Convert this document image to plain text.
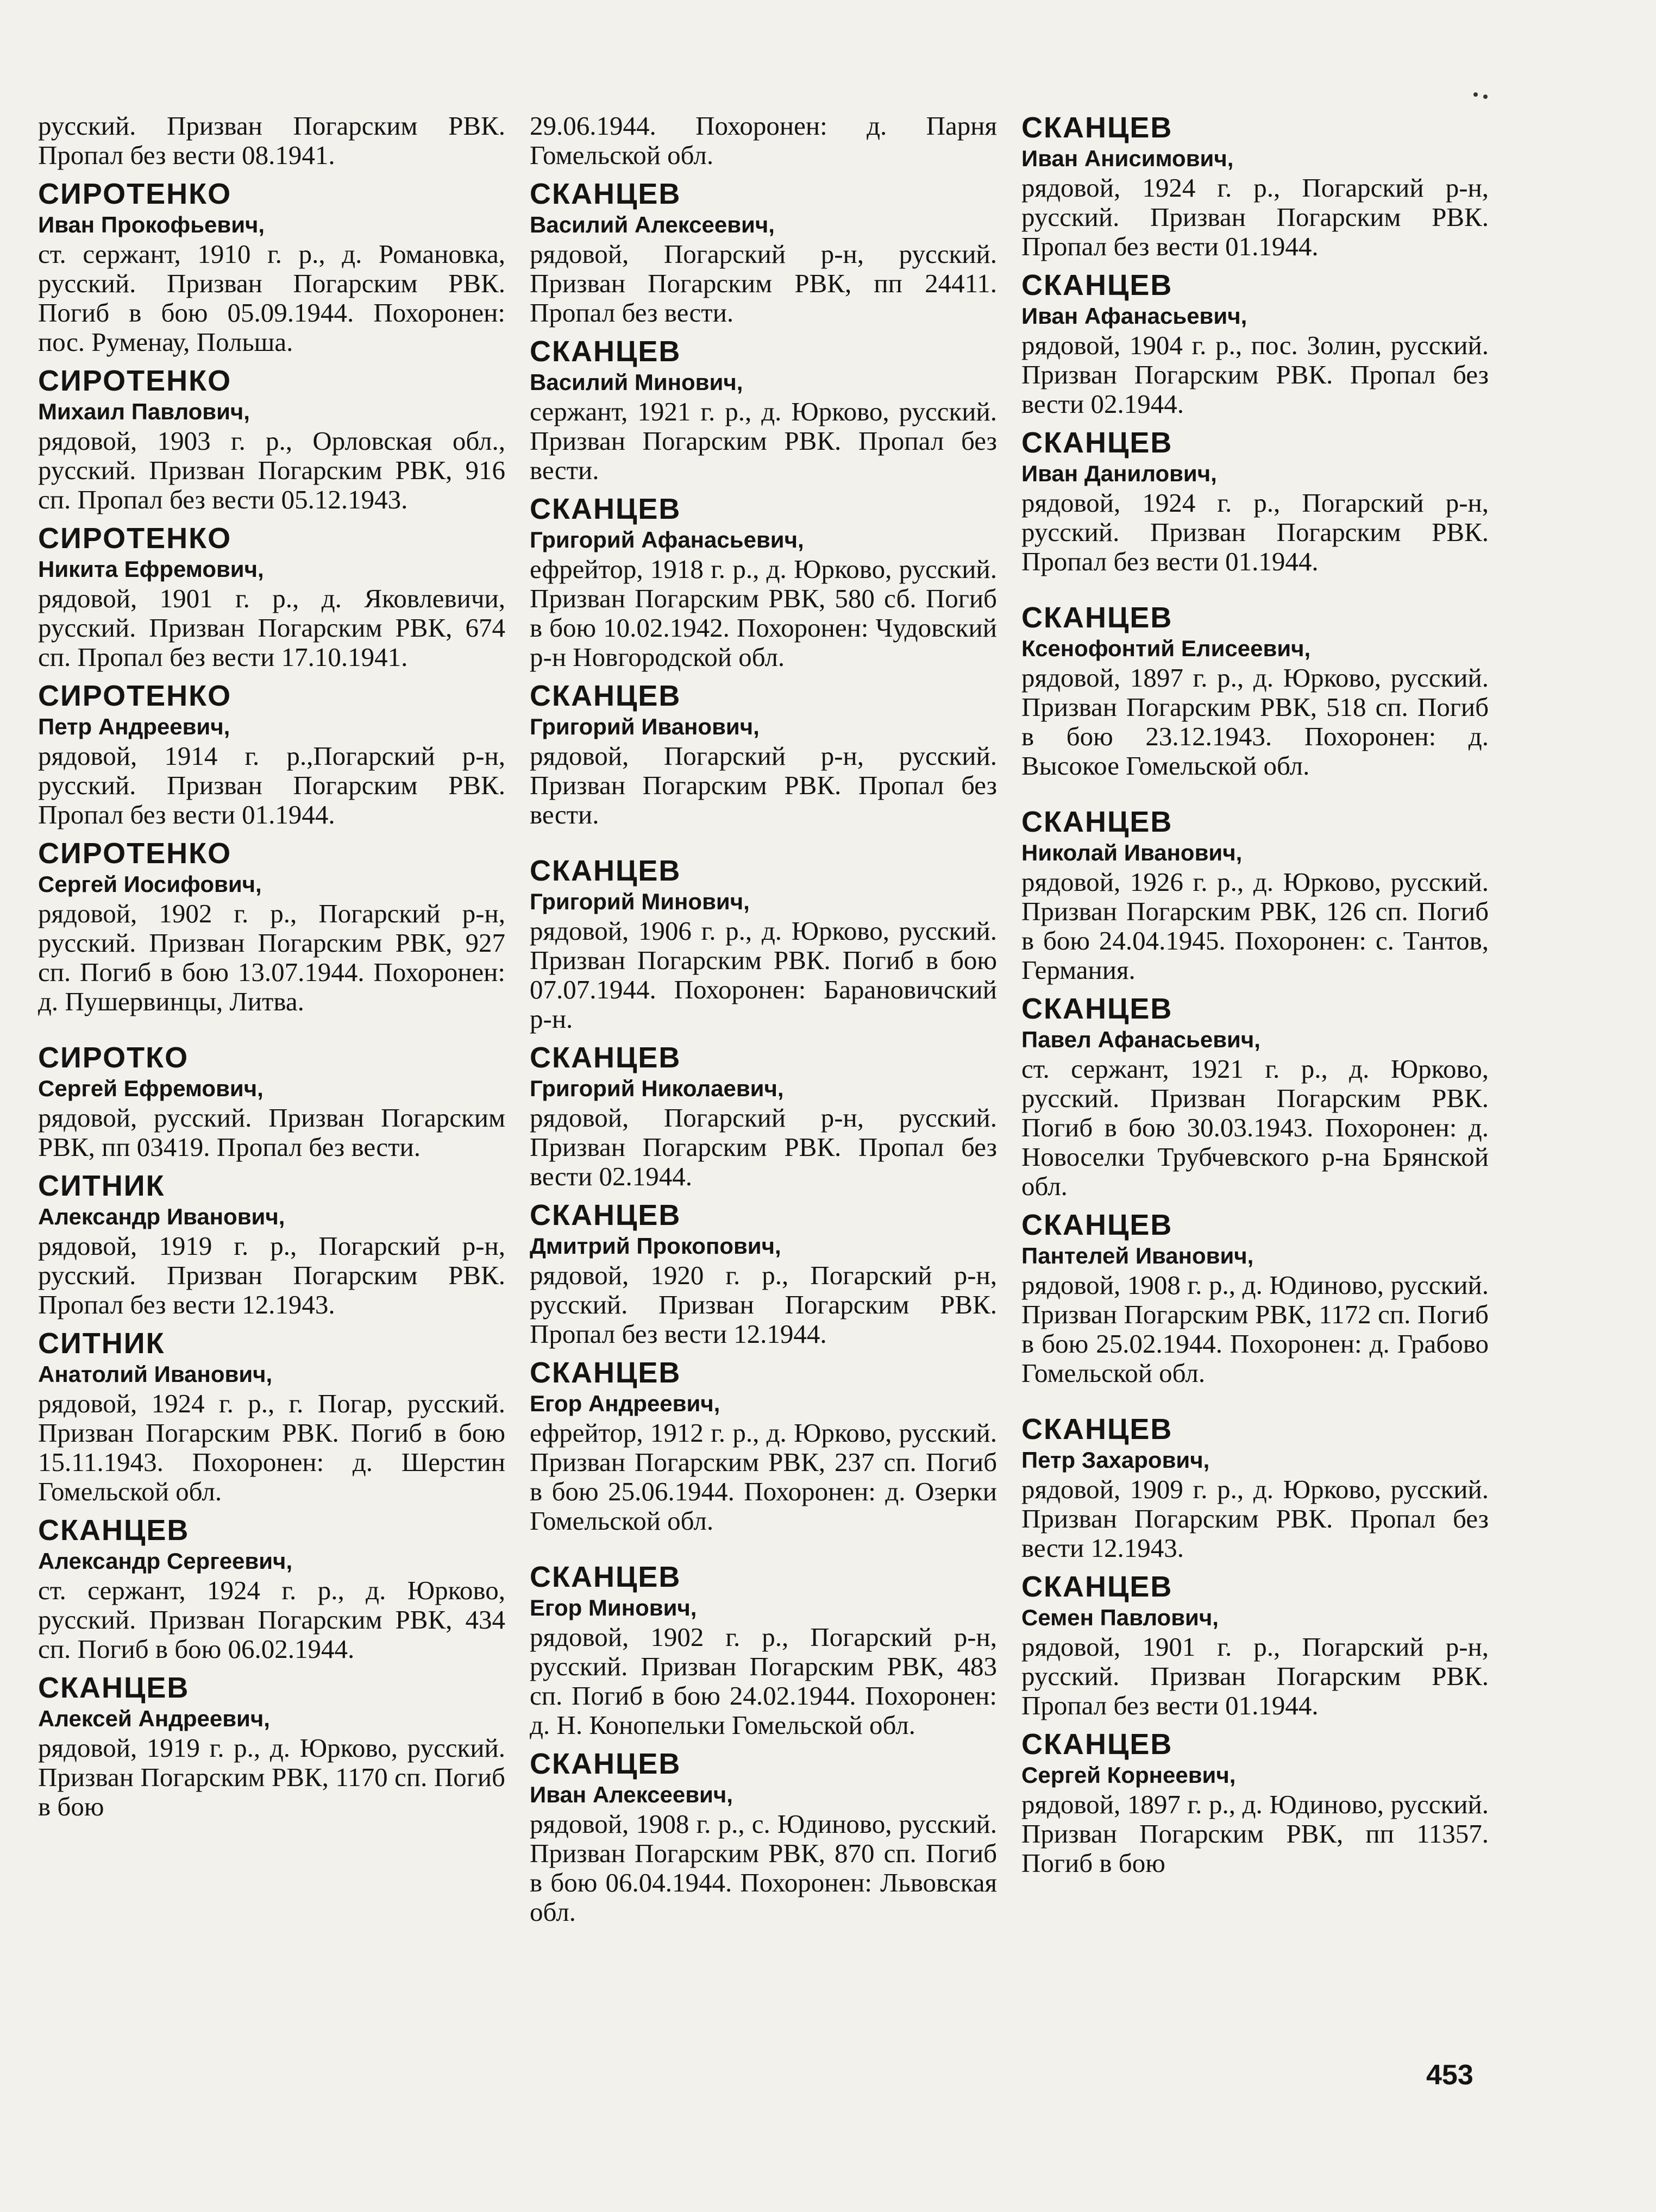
русский. Призван Погарским РВК. Пропал без вести 08.1941.
СИРОТЕНКО
Иван Прокофьевич,
ст. сержант, 1910 г. р., д. Романовка, русский. Призван Погарским РВК. Погиб в бою 05.09.1944. Похоронен: пос. Руменау, Польша.
СИРОТЕНКО
Михаил Павлович,
рядовой, 1903 г. р., Орловская обл., русский. Призван Погарским РВК, 916 сп. Пропал без вести 05.12.1943.
СИРОТЕНКО
Никита Ефремович,
рядовой, 1901 г. р., д. Яковлевичи, русский. Призван Погарским РВК, 674 сп. Пропал без вести 17.10.1941.
СИРОТЕНКО
Петр Андреевич,
рядовой, 1914 г. р.,Погарский р-н, русский. Призван Погарским РВК. Пропал без вести 01.1944.
СИРОТЕНКО
Сергей Иосифович,
рядовой, 1902 г. р., Погарский р-н, русский. Призван Погарским РВК, 927 сп. Погиб в бою 13.07.1944. Похоронен: д. Пушервинцы, Литва.
СИРОТКО
Сергей Ефремович,
рядовой, русский. Призван Погарским РВК, пп 03419. Пропал без вести.
СИТНИК
Александр Иванович,
рядовой, 1919 г. р., Погарский р-н, русский. Призван Погарским РВК. Пропал без вести 12.1943.
СИТНИК
Анатолий Иванович,
рядовой, 1924 г. р., г. Погар, русский. Призван Погарским РВК. Погиб в бою 15.11.1943. Похоронен: д. Шерстин Гомельской обл.
СКАНЦЕВ
Александр Сергеевич,
ст. сержант, 1924 г. р., д. Юрково, русский. Призван Погарским РВК, 434 сп. Погиб в бою 06.02.1944.
СКАНЦЕВ
Алексей Андреевич,
рядовой, 1919 г. р., д. Юрково, русский. Призван Погарским РВК, 1170 сп. Погиб в бою
29.06.1944. Похоронен: д. Парня Гомельской обл.
СКАНЦЕВ
Василий Алексеевич,
рядовой, Погарский р-н, русский. Призван Погарским РВК, пп 24411. Пропал без вести.
СКАНЦЕВ
Василий Минович,
сержант, 1921 г. р., д. Юрково, русский. Призван Погарским РВК. Пропал без вести.
СКАНЦЕВ
Григорий Афанасьевич,
ефрейтор, 1918 г. р., д. Юрково, русский. Призван Погарским РВК, 580 сб. Погиб в бою 10.02.1942. Похоронен: Чудовский р-н Новгородской обл.
СКАНЦЕВ
Григорий Иванович,
рядовой, Погарский р-н, русский. Призван Погарским РВК. Пропал без вести.
СКАНЦЕВ
Григорий Минович,
рядовой, 1906 г. р., д. Юрково, русский. Призван Погарским РВК. Погиб в бою 07.07.1944. Похоронен: Барановичский р-н.
СКАНЦЕВ
Григорий Николаевич,
рядовой, Погарский р-н, русский. Призван Погарским РВК. Пропал без вести 02.1944.
СКАНЦЕВ
Дмитрий Прокопович,
рядовой, 1920 г. р., Погарский р-н, русский. Призван Погарским РВК. Пропал без вести 12.1944.
СКАНЦЕВ
Егор Андреевич,
ефрейтор, 1912 г. р., д. Юрково, русский. Призван Погарским РВК, 237 сп. Погиб в бою 25.06.1944. Похоронен: д. Озерки Гомельской обл.
СКАНЦЕВ
Егор Минович,
рядовой, 1902 г. р., Погарский р-н, русский. Призван Погарским РВК, 483 сп. Погиб в бою 24.02.1944. Похоронен: д. Н. Конопельки Гомельской обл.
СКАНЦЕВ
Иван Алексеевич,
рядовой, 1908 г. р., с. Юдиново, русский. Призван Погарским РВК, 870 сп. Погиб в бою 06.04.1944. Похоронен: Львовская обл.
СКАНЦЕВ
Иван Анисимович,
рядовой, 1924 г. р., Погарский р-н, русский. Призван Погарским РВК. Пропал без вести 01.1944.
СКАНЦЕВ
Иван Афанасьевич,
рядовой, 1904 г. р., пос. Золин, русский. Призван Погарским РВК. Пропал без вести 02.1944.
СКАНЦЕВ
Иван Данилович,
рядовой, 1924 г. р., Погарский р-н, русский. Призван Погарским РВК. Пропал без вести 01.1944.
СКАНЦЕВ
Ксенофонтий Елисеевич,
рядовой, 1897 г. р., д. Юрково, русский. Призван Погарским РВК, 518 сп. Погиб в бою 23.12.1943. Похоронен: д. Высокое Гомельской обл.
СКАНЦЕВ
Николай Иванович,
рядовой, 1926 г. р., д. Юрково, русский. Призван Погарским РВК, 126 сп. Погиб в бою 24.04.1945. Похоронен: с. Тантов, Германия.
СКАНЦЕВ
Павел Афанасьевич,
ст. сержант, 1921 г. р., д. Юрково, русский. Призван Погарским РВК. Погиб в бою 30.03.1943. Похоронен: д. Новоселки Трубчевского р-на Брянской обл.
СКАНЦЕВ
Пантелей Иванович,
рядовой, 1908 г. р., д. Юдиново, русский. Призван Погарским РВК, 1172 сп. Погиб в бою 25.02.1944. Похоронен: д. Грабово Гомельской обл.
СКАНЦЕВ
Петр Захарович,
рядовой, 1909 г. р., д. Юрково, русский. Призван Погарским РВК. Пропал без вести 12.1943.
СКАНЦЕВ
Семен Павлович,
рядовой, 1901 г. р., Погарский р-н, русский. Призван Погарским РВК. Пропал без вести 01.1944.
СКАНЦЕВ
Сергей Корнеевич,
рядовой, 1897 г. р., д. Юдиново, русский. Призван Погарским РВК, пп 11357. Погиб в бою
453
